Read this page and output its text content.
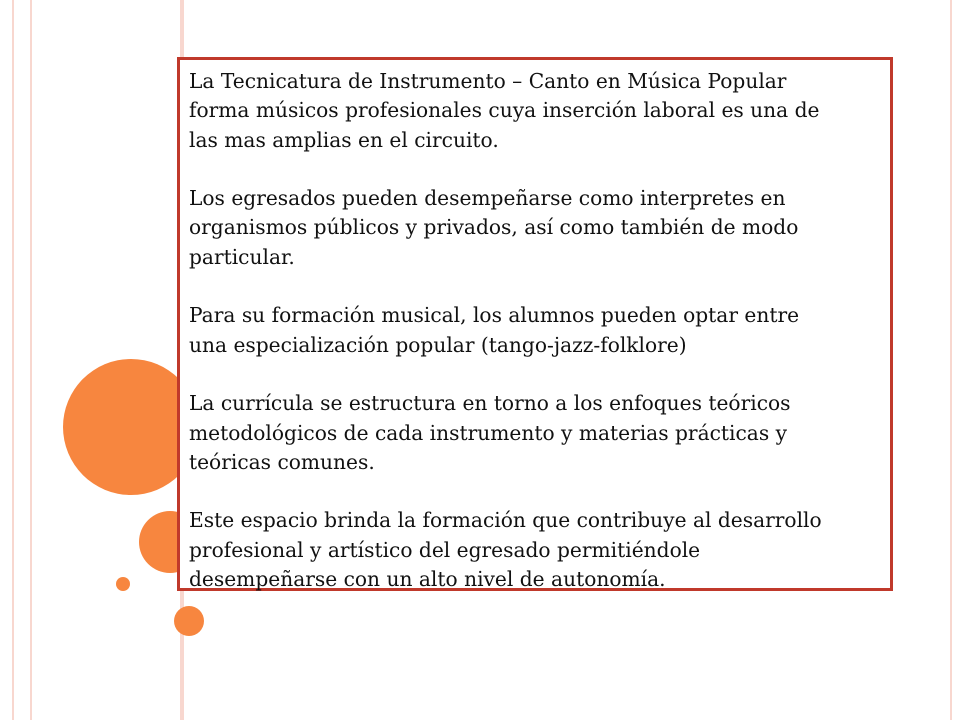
La Tecnicatura de Instrumento – Canto en Música Popular
forma músicos profesionales cuya inserción laboral es una de
las mas amplias en el circuito.

Los egresados pueden desempeñarse como interpretes en
organismos públicos y privados, así como también de modo
particular.

Para su formación musical, los alumnos pueden optar entre
una especialización popular (tango-jazz-folklore)

La currícula se estructura en torno a los enfoques teóricos
metodológicos de cada instrumento y materias prácticas y
teóricas comunes.

Este espacio brinda la formación que contribuye al desarrollo
profesional y artístico del egresado permitiéndole
desempeñarse con un alto nivel de autonomía.
